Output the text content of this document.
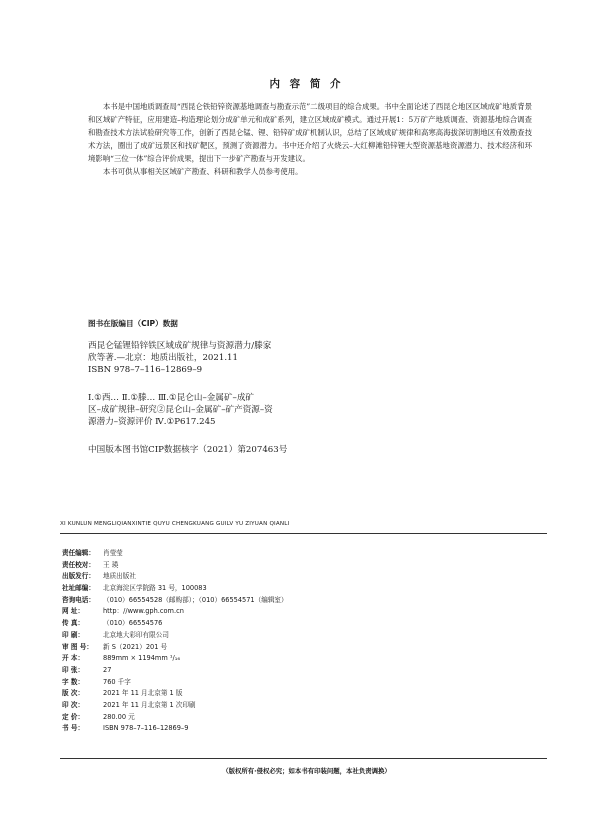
内 容 简 介

本书是中国地质调查局“西昆仑铁铅锌资源基地调查与勘查示范”二级项目的综合成果。书中全面论述了西昆仑地区区域成矿地质背景和区域矿产特征，应用建造–构造理论划分成矿单元和成矿系列，建立区域成矿模式。通过开展1：5万矿产地质调查、资源基地综合调查和勘查技术方法试验研究等工作，创新了西昆仑锰、锂、铅锌矿成矿机制认识，总结了区域成矿规律和高寒高海拔深切割地区有效勘查技术方法，圈出了成矿远景区和找矿靶区，预测了资源潜力。书中还介绍了火烧云–大红柳滩铅锌锂大型资源基地资源潜力、技术经济和环境影响“三位一体”综合评价成果，提出下一步矿产勘查与开发建议。

本书可供从事相关区域矿产勘查、科研和教学人员参考使用。

图书在版编目（CIP）数据

西昆仑锰锂铅锌铁区域成矿规律与资源潜力/滕家

欣等著.—北京：地质出版社，2021.11

ISBN 978–7–116–12869–9

Ⅰ.①西… Ⅱ.①滕… Ⅲ.①昆仑山–金属矿–成矿

区–成矿规律–研究②昆仑山–金属矿–矿产资源–资

源潜力–资源评价 Ⅳ.①P617.245

中国版本图书馆CIP数据核字（2021）第207463号

XI KUNLUN MENGLIQIANXINTIE QUYU CHENGKUANG GUILV YU ZIYUAN QIANLI
责任编辑：	肖莹莹
责任校对：	王 瑛
出版发行：	地质出版社
社址邮编：	北京海淀区学院路 31 号，100083
咨询电话：	（010）66554528（邮购部）；（010）66554571（编辑室）
网 址：	http：//www.gph.com.cn
传 真：	（010）66554576
印 刷：	北京地大彩印有限公司
审 图 号：	新 S（2021）201 号
开 本：	889mm × 1194mm ¹/₁₆
印 张：	27
字 数：	760 千字
版 次：	2021 年 11 月北京第 1 版
印 次：	2021 年 11 月北京第 1 次印刷
定 价：	280.00 元
书 号：	ISBN 978–7–116–12869–9
（版权所有·侵权必究；如本书有印装问题，本社负责调换）
